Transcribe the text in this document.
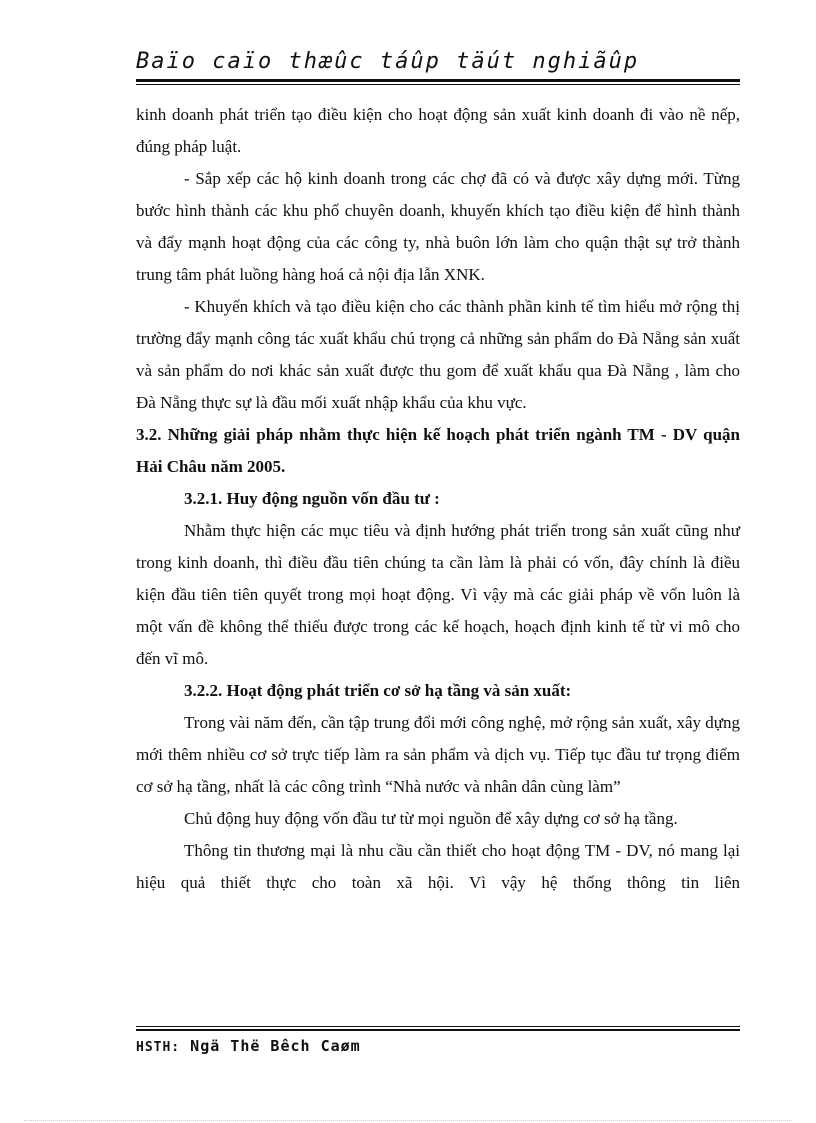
Baïo caïo thæûc táûp täút nghiãûp

kinh doanh phát triển tạo điều kiện cho hoạt động sản xuất kinh doanh đi vào nề nếp, đúng pháp luật.

- Sắp xếp các hộ kinh doanh trong các chợ đã có và được xây dựng mới. Từng bước hình thành các khu phố chuyên doanh, khuyến khích tạo điều kiện để hình thành và đẩy mạnh hoạt động của các công ty, nhà buôn lớn làm cho quận thật sự trở thành trung tâm phát luồng hàng hoá cả nội địa lẫn XNK.

- Khuyến khích và tạo điều kiện cho các thành phần kinh tế tìm hiểu mở rộng thị trường đẩy mạnh công tác xuất khẩu chú trọng cả những sản phẩm do Đà Nẵng sản xuất và sản phẩm do nơi khác sản xuất được thu gom để xuất khẩu qua Đà Nẵng , làm cho Đà Nẵng thực sự là đầu mối xuất nhập khẩu của khu vực.

3.2. Những giải pháp nhằm thực hiện kế hoạch phát triển ngành TM - DV quận Hải Châu năm 2005.

3.2.1. Huy động nguồn vốn đầu tư :

Nhằm thực hiện các mục tiêu và định hướng phát triển trong sản xuất cũng như trong kinh doanh, thì điều đầu tiên chúng ta cần làm là phải có vốn, đây chính là điều kiện đầu tiên tiên quyết trong mọi hoạt động. Vì vậy mà các giải pháp về vốn luôn là một vấn đề không thể thiếu được trong các kế hoạch, hoạch định kinh tế từ vi mô cho đến vĩ mô.

3.2.2. Hoạt động phát triển cơ sở hạ tầng và sản xuất:

Trong vài năm đến, cần tập trung đổi mới công nghệ, mở rộng sản xuất, xây dựng mới thêm nhiều cơ sở trực tiếp làm ra sản phẩm và dịch vụ. Tiếp tục đầu tư trọng điểm cơ sở hạ tầng, nhất là các công trình “Nhà nước và nhân dân cùng làm”

Chủ động huy động vốn đầu tư từ mọi nguồn để xây dựng cơ sở hạ tầng.

Thông tin thương mại là nhu cầu cần thiết cho hoạt động TM - DV, nó mang lại hiệu quả thiết thực cho toàn xã hội. Vì vậy hệ thống thông tin liên

HSTH: Ngä Thë Bêch Caøm
